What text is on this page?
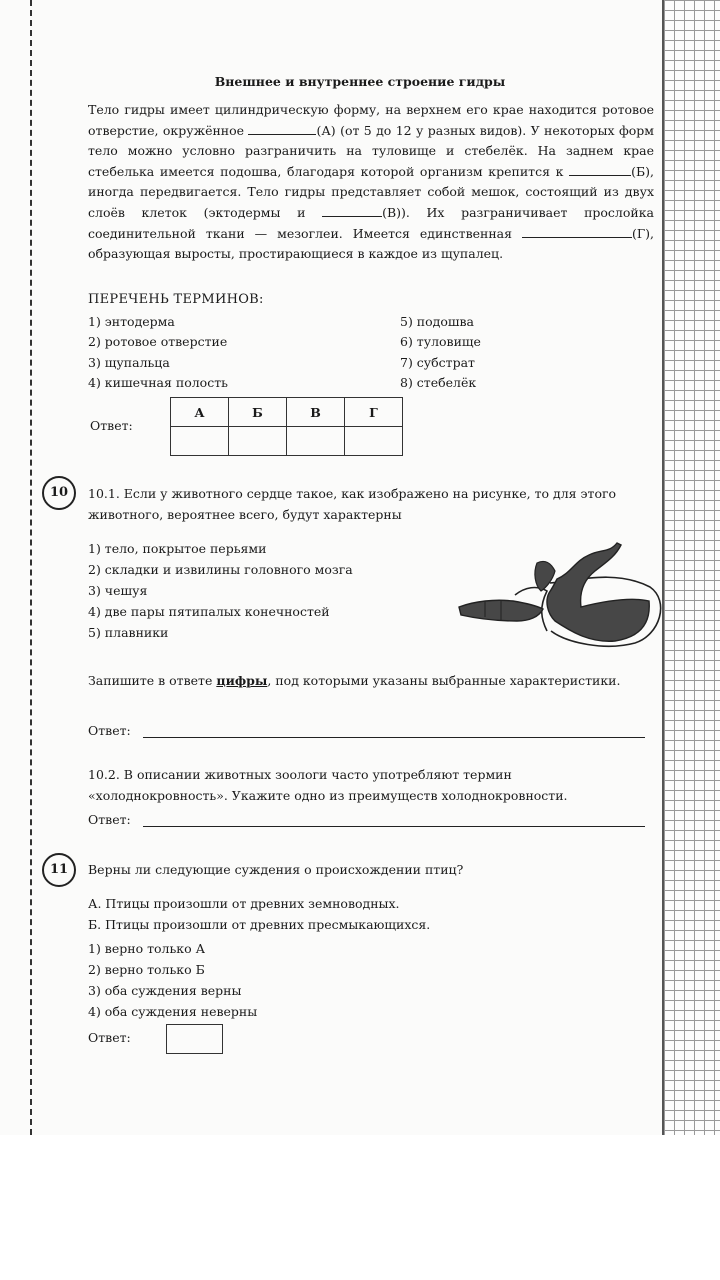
Внешнее и внутреннее строение гидры

Тело гидры имеет цилиндрическую форму, на верхнем его крае находится ротовое отверстие, окружённое	(А) (от 5 до 12 у разных видов). У некоторых форм тело можно условно разграничить на туловище и стебелёк. На заднем крае стебелька имеется подошва, благодаря которой организм крепится к	(Б), иногда передвигается. Тело гидры представляет собой мешок, состоящий из двух слоёв клеток (эктодермы и	(В)). Их разграничивает прослойка соединительной ткани — мезоглеи. Имеется единственная	(Г), образующая выросты, простирающиеся в каждое из щупалец.

ПЕРЕЧЕНЬ ТЕРМИНОВ:
1) энтодерма
2) ротовое отверстие
3) щупальца
4) кишечная полость
5) подошва
6) туловище
7) субстрат
8) стебелёк
Ответ:
А	Б	В	Г

10	10.1. Если у животного сердце такое, как изображено на рисунке, то для этого животного, вероятнее всего, будут характерны
1) тело, покрытое перьями
2) складки и извилины головного мозга
3) чешуя
4) две пары пятипалых конечностей
5) плавники
Запишите в ответе цифры, под которыми указаны выбранные характеристики.
Ответ:
10.2. В описании животных зоологи часто употребляют термин «холоднокровность». Укажите одно из преимуществ холоднокровности.
Ответ:
11	Верны ли следующие суждения о происхождении птиц?
А. Птицы произошли от древних земноводных.
Б. Птицы произошли от древних пресмыкающихся.
1) верно только А
2) верно только Б
3) оба суждения верны
4) оба суждения неверны
Ответ:
